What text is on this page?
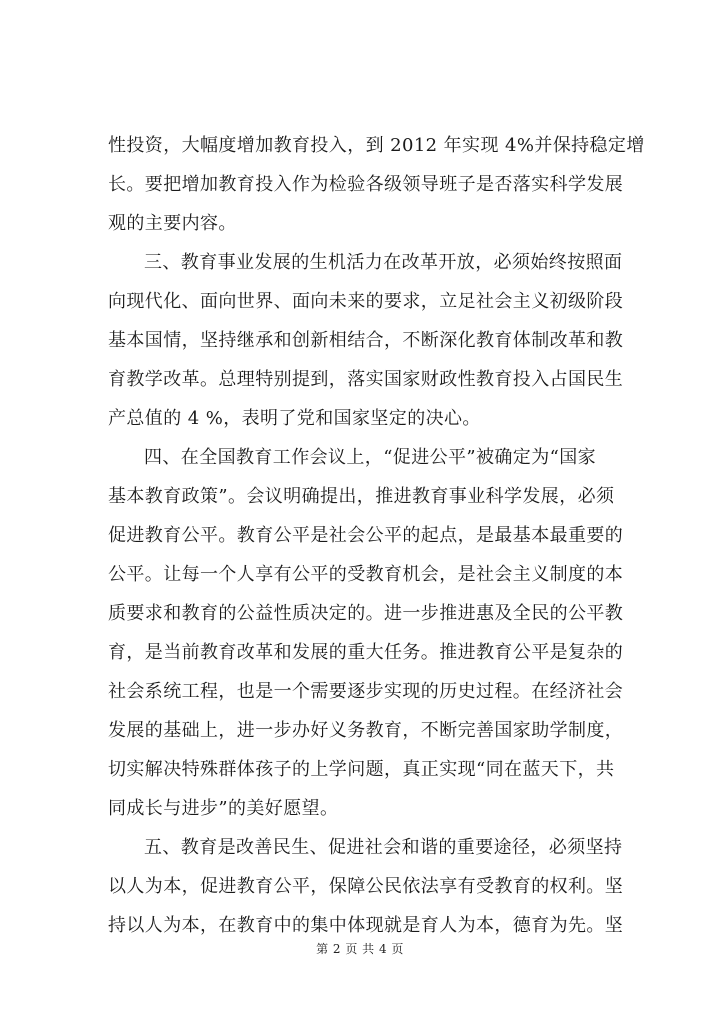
性投资，大幅度增加教育投入，到 2012 年实现 4%并保持稳定增
长。要把增加教育投入作为检验各级领导班子是否落实科学发展
观的主要内容。
三、教育事业发展的生机活力在改革开放，必须始终按照面
向现代化、面向世界、面向未来的要求，立足社会主义初级阶段
基本国情，坚持继承和创新相结合，不断深化教育体制改革和教
育教学改革。总理特别提到，落实国家财政性教育投入占国民生
产总值的 4 %，表明了党和国家坚定的决心。
四、在全国教育工作会议上，“促进公平”被确定为“国家
基本教育政策”。会议明确提出，推进教育事业科学发展，必须
促进教育公平。教育公平是社会公平的起点，是最基本最重要的
公平。让每一个人享有公平的受教育机会，是社会主义制度的本
质要求和教育的公益性质决定的。进一步推进惠及全民的公平教
育，是当前教育改革和发展的重大任务。推进教育公平是复杂的
社会系统工程，也是一个需要逐步实现的历史过程。在经济社会
发展的基础上，进一步办好义务教育，不断完善国家助学制度，
切实解决特殊群体孩子的上学问题，真正实现“同在蓝天下，共
同成长与进步”的美好愿望。
五、教育是改善民生、促进社会和谐的重要途径，必须坚持
以人为本，促进教育公平，保障公民依法享有受教育的权利。坚
持以人为本，在教育中的集中体现就是育人为本，德育为先。坚
第 2 页 共 4 页
